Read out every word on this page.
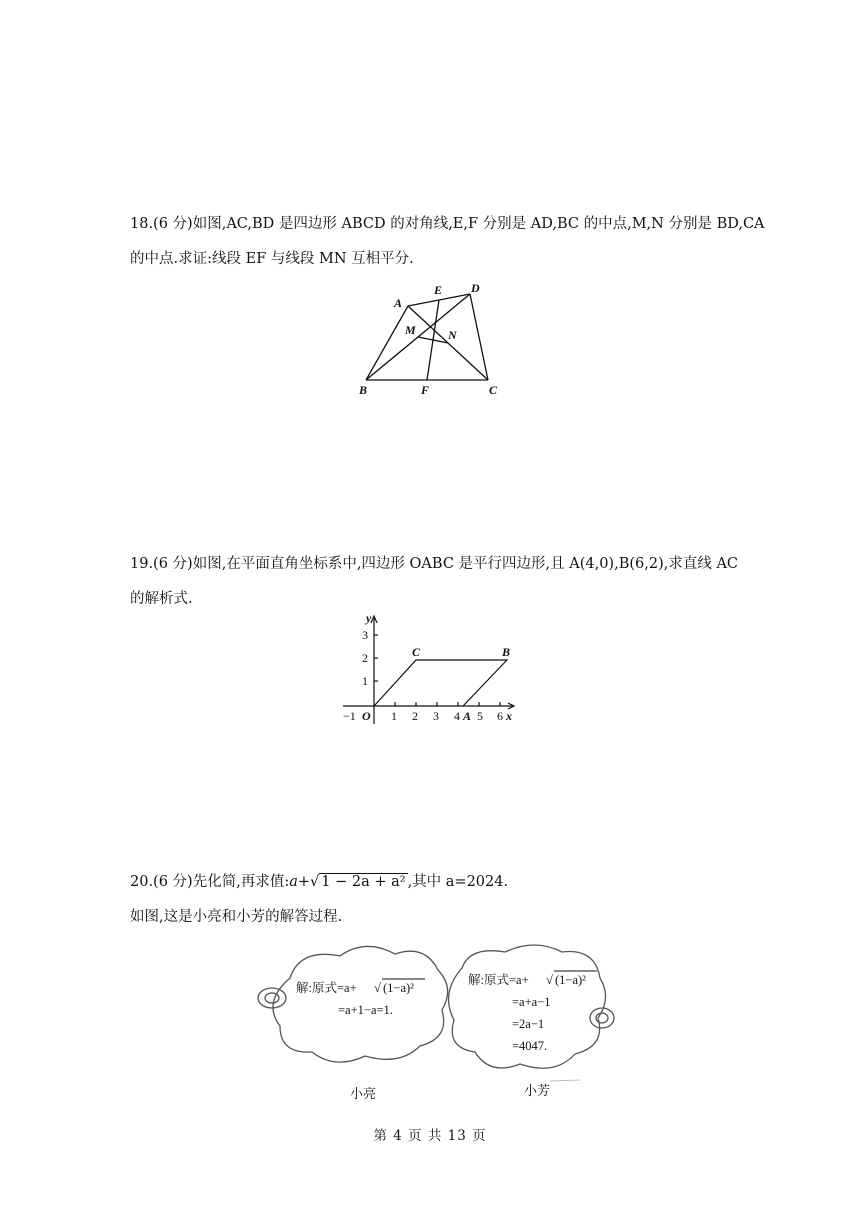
18.(6 分)如图,AC,BD 是四边形 ABCD 的对角线,E,F 分别是 AD,BC 的中点,M,N 分别是 BD,CA
的中点.求证:线段 EF 与线段 MN 互相平分.
A
E D
M	N
B	F	C
19.(6 分)如图,在平面直角坐标系中,四边形 OABC 是平行四边形,且 A(4,0),B(6,2),求直线 AC
的解析式.
y
3
2
1
−1 O 1 2 3 4 A 5 6 x
C	B
20.(6 分)先化简,再求值:a+√ 1 − 2a + a² ,其中 a=2024.
如图,这是小亮和小芳的解答过程.
解:原式=a+ √ (1−a)²
=a+1−a=1.
小亮
解:原式=a+ √ (1−a)²
=a+a−1
=2a−1
=4047.
小芳
第 4 页 共 13 页
